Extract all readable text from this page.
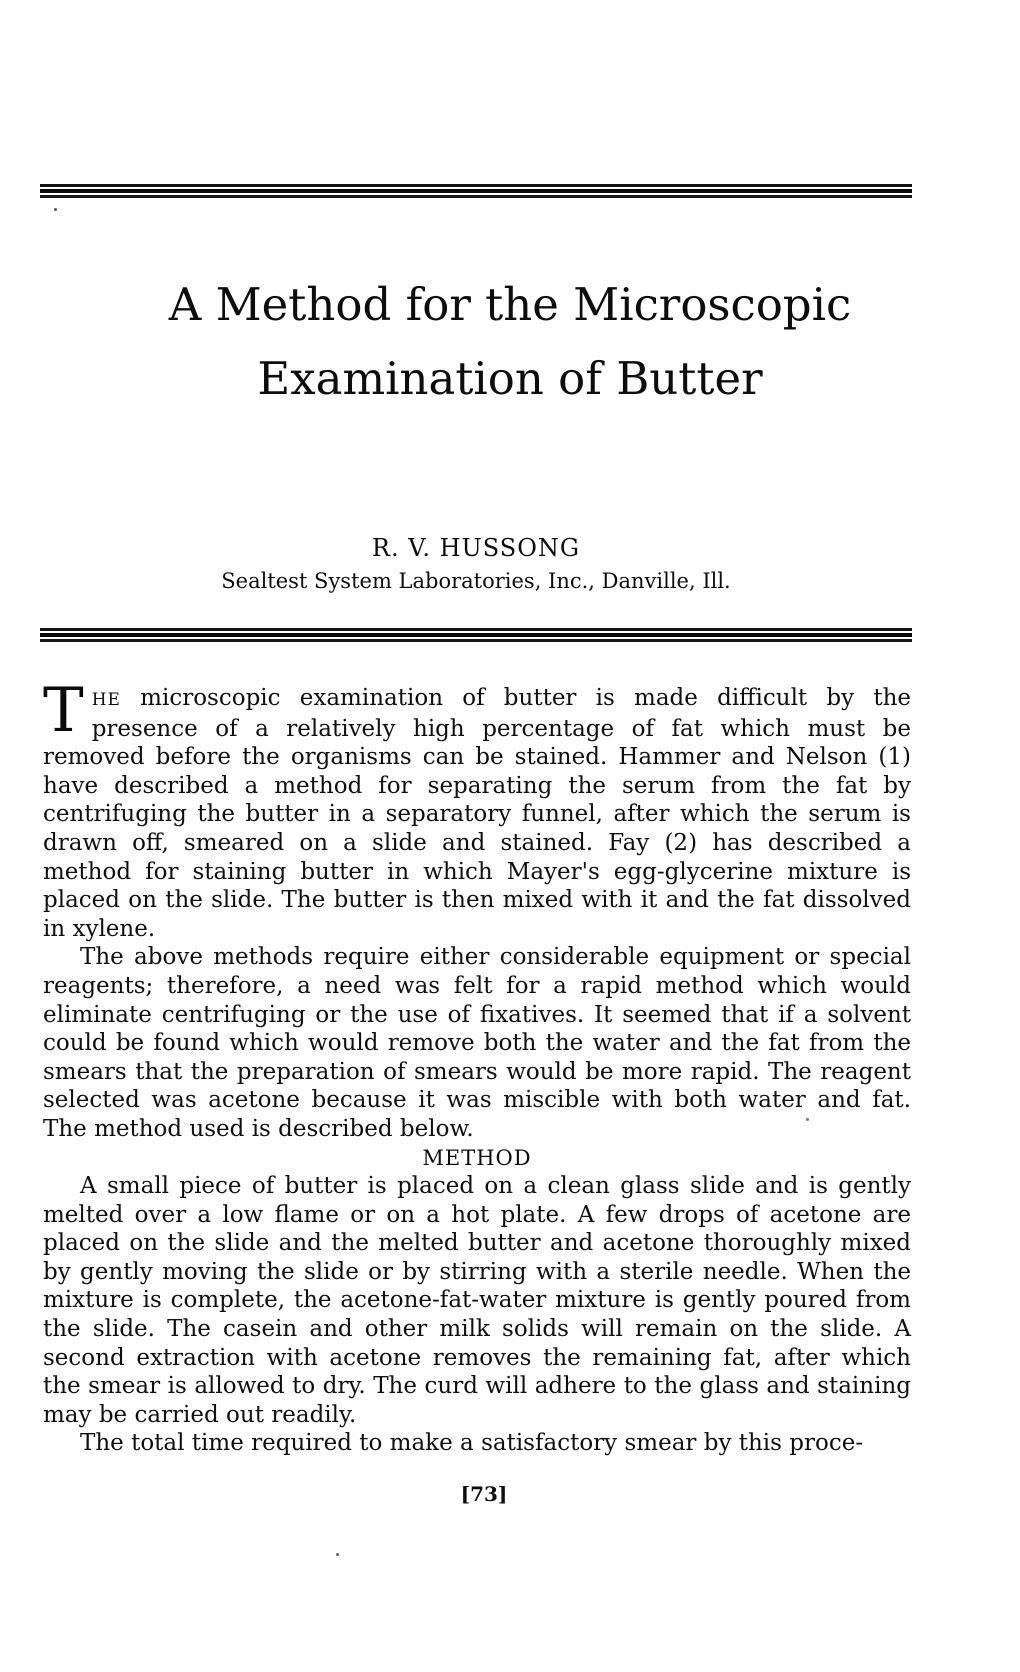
A Method for the Microscopic
Examination of Butter
R. V. HUSSONG
Sealtest System Laboratories, Inc., Danville, Ill.

THE microscopic examination of butter is made difficult by the presence of a relatively high percentage of fat which must be removed before the organisms can be stained. Hammer and Nelson (1) have described a method for separating the serum from the fat by centrifuging the butter in a separatory funnel, after which the serum is drawn off, smeared on a slide and stained. Fay (2) has described a method for staining butter in which Mayer's egg-glycerine mixture is placed on the slide. The butter is then mixed with it and the fat dissolved in xylene.

The above methods require either considerable equipment or special reagents; therefore, a need was felt for a rapid method which would eliminate centrifuging or the use of fixatives. It seemed that if a solvent could be found which would remove both the water and the fat from the smears that the preparation of smears would be more rapid. The reagent selected was acetone because it was miscible with both water and fat. The method used is described below.

METHOD

A small piece of butter is placed on a clean glass slide and is gently melted over a low flame or on a hot plate. A few drops of acetone are placed on the slide and the melted butter and acetone thoroughly mixed by gently moving the slide or by stirring with a sterile needle. When the mixture is complete, the acetone-fat-water mixture is gently poured from the slide. The casein and other milk solids will remain on the slide. A second extraction with acetone removes the remaining fat, after which the smear is allowed to dry. The curd will adhere to the glass and staining may be carried out readily.

The total time required to make a satisfactory smear by this proce-

[73]
